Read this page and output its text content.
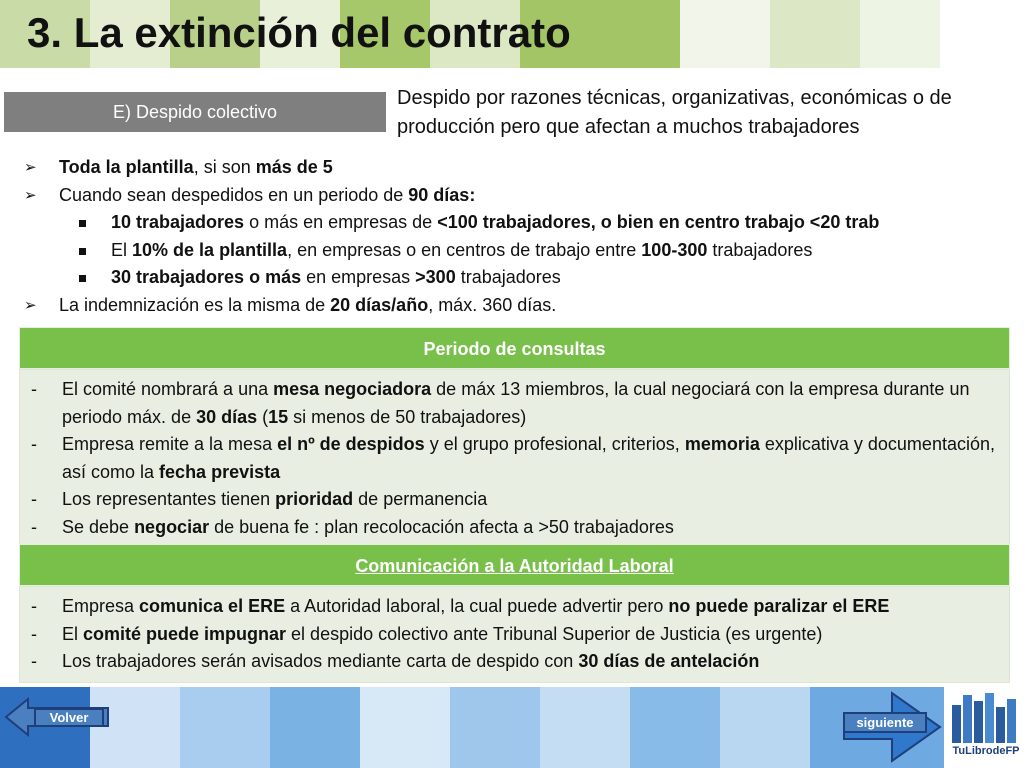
3. La extinción del contrato
E) Despido colectivo

Despido por razones técnicas, organizativas, económicas o de producción pero que afectan a muchos trabajadores

➢ Toda la plantilla, si son más de 5
➢ Cuando sean despedidos en un periodo de 90 días:
10 trabajadores o más en empresas de <100 trabajadores, o bien en centro trabajo <20 trab
El 10% de la plantilla, en empresas o en centros de trabajo entre 100-300 trabajadores
30 trabajadores o más en empresas >300 trabajadores
➢ La indemnización es la misma de 20 días/año, máx. 360 días.
Periodo de consultas
- El comité nombrará a una mesa negociadora de máx 13 miembros, la cual negociará con la empresa durante un periodo máx. de 30 días (15 si menos de 50 trabajadores)
- Empresa remite a la mesa el nº de despidos y el grupo profesional, criterios, memoria explicativa y documentación, así como la fecha prevista
- Los representantes tienen prioridad de permanencia
- Se debe negociar de buena fe : plan recolocación afecta a >50 trabajadores
Comunicación a la Autoridad Laboral
- Empresa comunica el ERE a Autoridad laboral, la cual puede advertir pero no puede paralizar el ERE
- El comité puede impugnar el despido colectivo ante Tribunal Superior de Justicia (es urgente)
- Los trabajadores serán avisados mediante carta de despido con 30 días de antelación
Volver	siguiente
TuLibrodeFP
